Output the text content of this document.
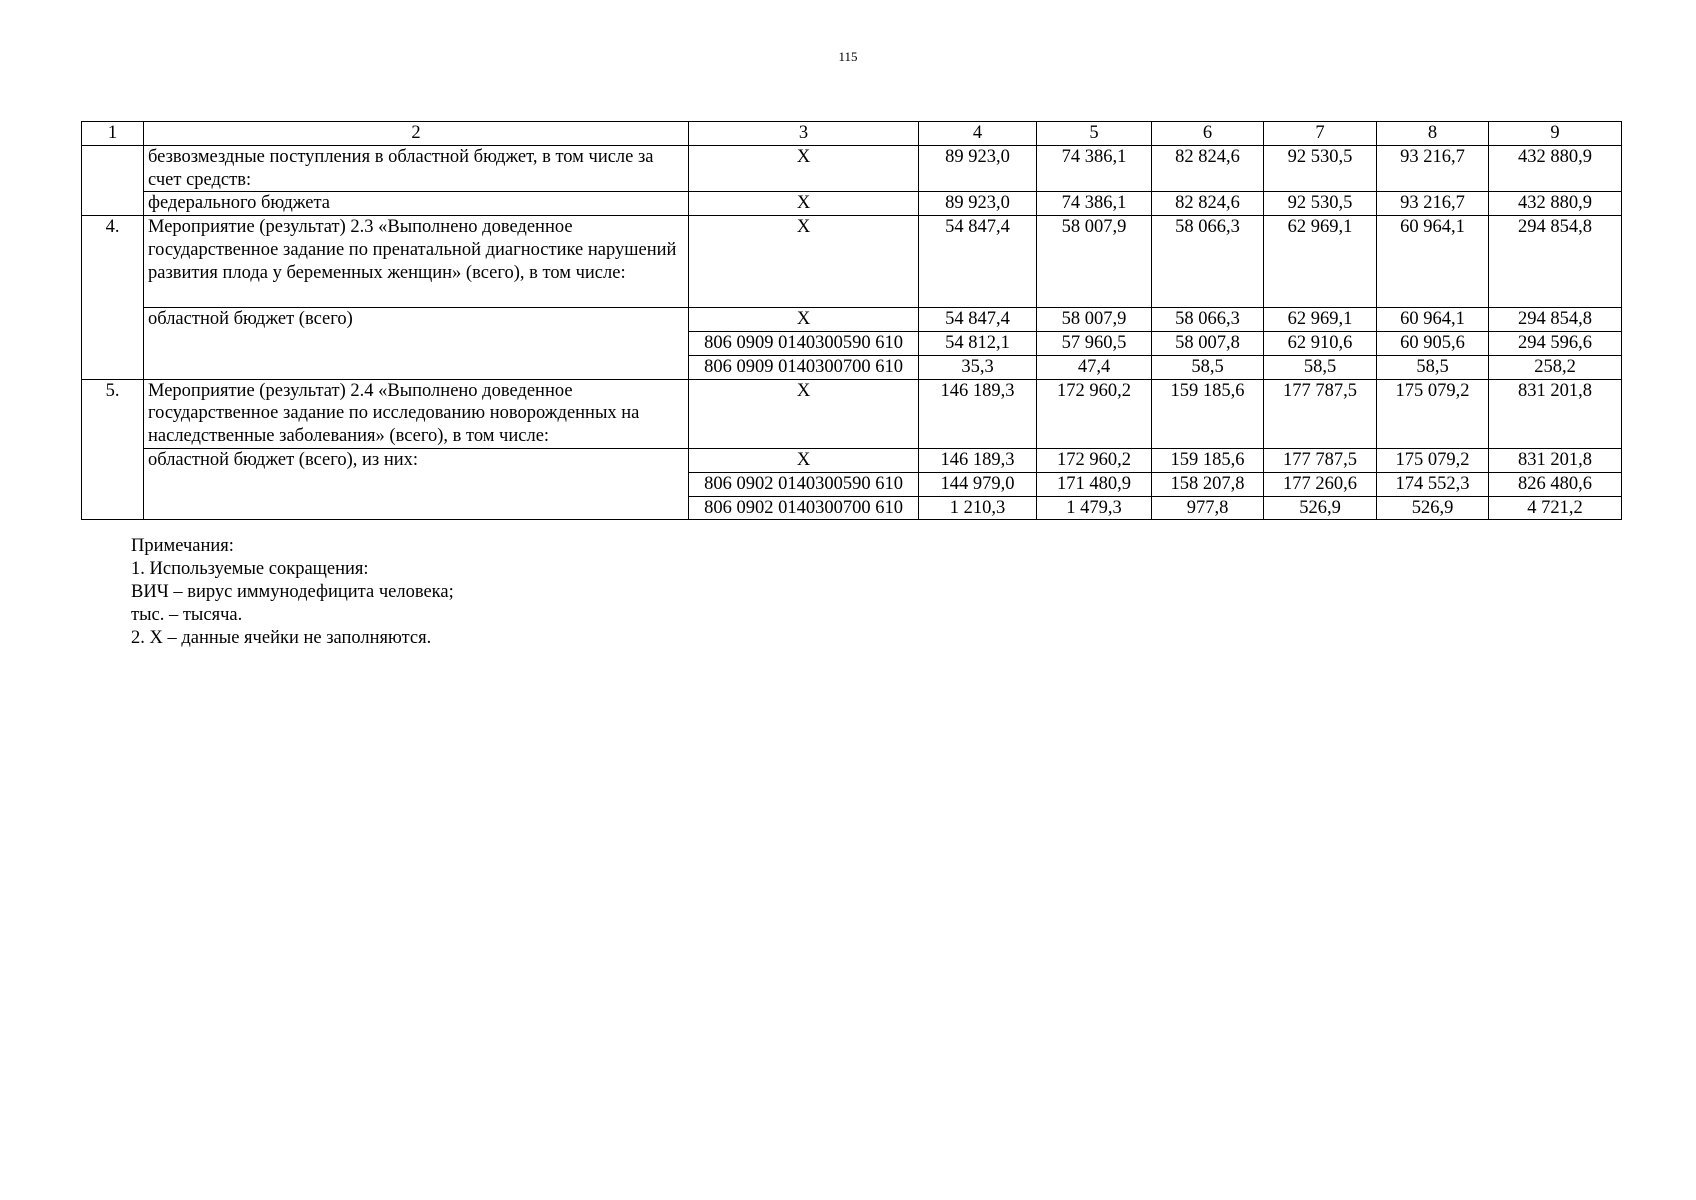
115
1	2	3	4	5	6	7	8	9
	безвозмездные поступления в областной бюджет, в том числе за счет средств:	Х	89 923,0	74 386,1	82 824,6	92 530,5	93 216,7	432 880,9
	федерального бюджета	Х	89 923,0	74 386,1	82 824,6	92 530,5	93 216,7	432 880,9
4.	Мероприятие (результат) 2.3 «Выполнено доведенное государственное задание по пренатальной диагностике нарушений развития плода у беременных женщин» (всего), в том числе:	Х	54 847,4	58 007,9	58 066,3	62 969,1	60 964,1	294 854,8
	областной бюджет (всего)	Х	54 847,4	58 007,9	58 066,3	62 969,1	60 964,1	294 854,8
		806 0909 0140300590 610	54 812,1	57 960,5	58 007,8	62 910,6	60 905,6	294 596,6
		806 0909 0140300700 610	35,3	47,4	58,5	58,5	58,5	258,2
5.	Мероприятие (результат) 2.4 «Выполнено доведенное государственное задание по исследованию новорожденных на наследственные заболевания» (всего), в том числе:	Х	146 189,3	172 960,2	159 185,6	177 787,5	175 079,2	831 201,8
	областной бюджет (всего), из них:	Х	146 189,3	172 960,2	159 185,6	177 787,5	175 079,2	831 201,8
		806 0902 0140300590 610	144 979,0	171 480,9	158 207,8	177 260,6	174 552,3	826 480,6
		806 0902 0140300700 610	1 210,3	1 479,3	977,8	526,9	526,9	4 721,2
Примечания:
1. Используемые сокращения:
ВИЧ – вирус иммунодефицита человека;
тыс. – тысяча.
2. Х – данные ячейки не заполняются.
